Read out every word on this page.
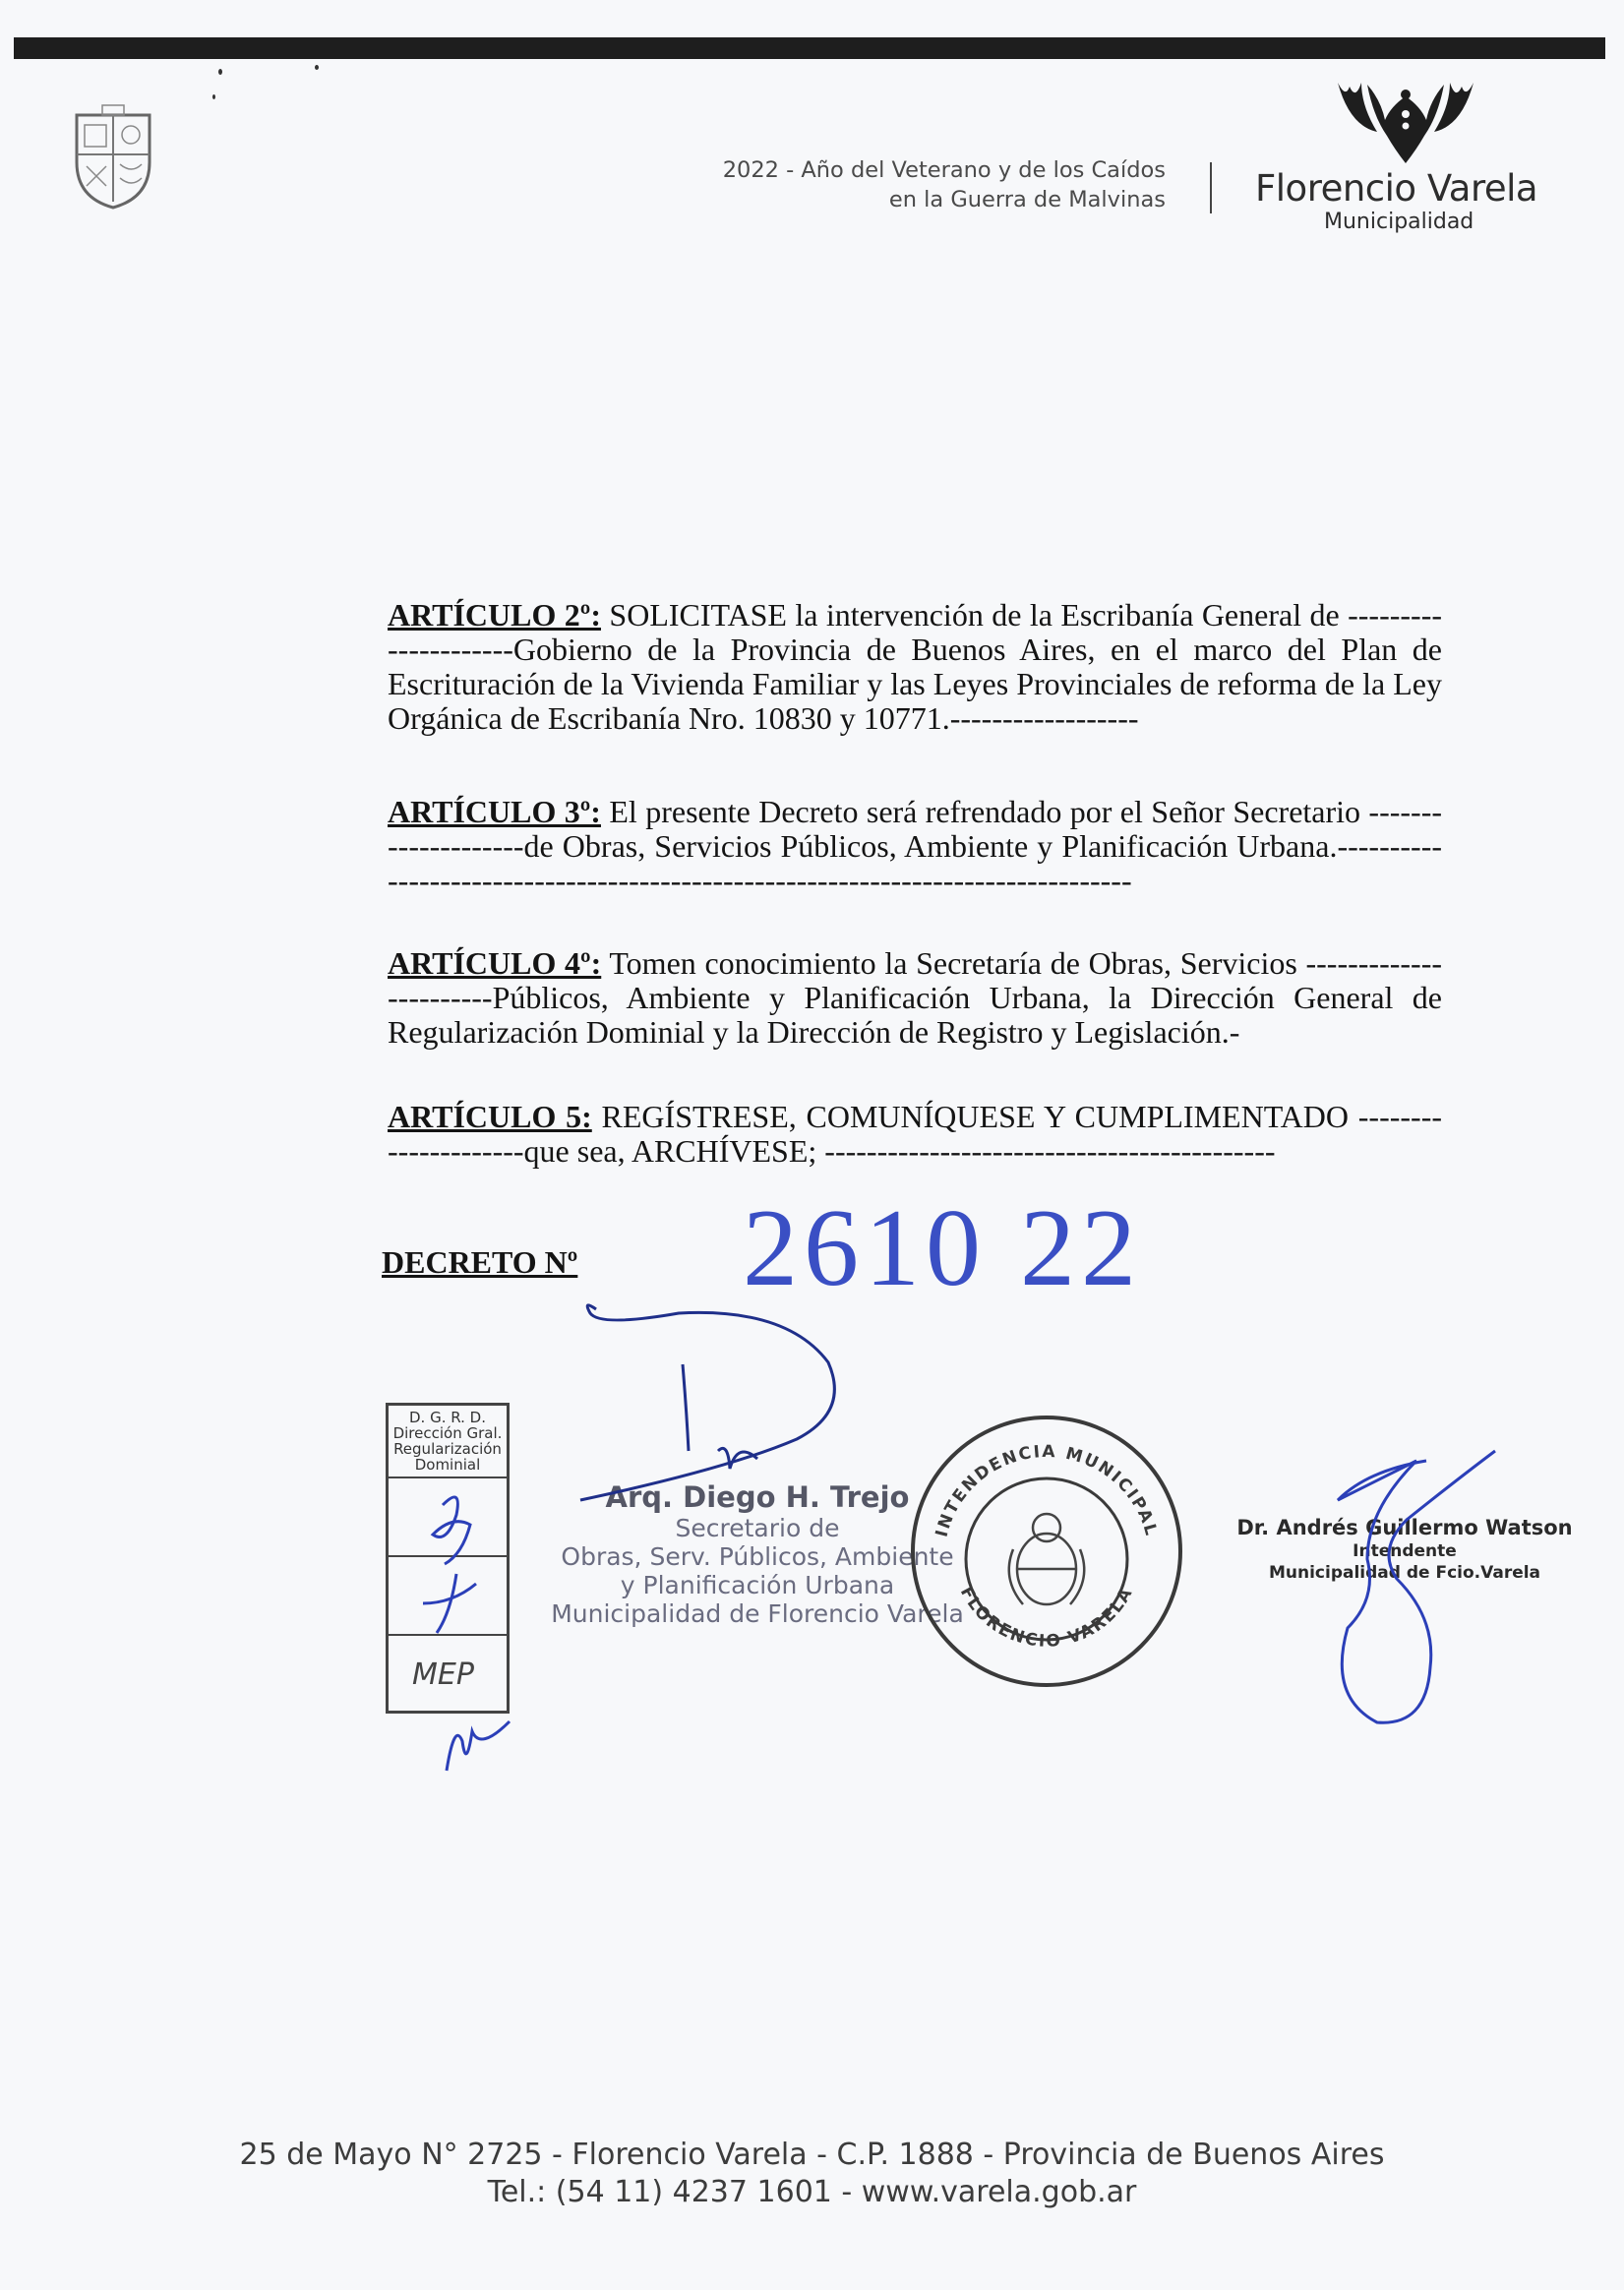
2022 - Año del Veterano y de los Caídos
en la Guerra de Malvinas Florencio Varela
Municipalidad
ARTÍCULO 2º: SOLICITASE la intervención de la Escribanía General de ---------------------Gobierno de la Provincia de Buenos Aires, en el marco del Plan de Escrituración de la Vivienda Familiar y las Leyes Provinciales de reforma de la Ley Orgánica de Escribanía Nro. 10830 y 10771.------------------
ARTÍCULO 3º: El presente Decreto será refrendado por el Señor Secretario --------------------de Obras, Servicios Públicos, Ambiente y Planificación Urbana.---------------------------------------------------------------------------------
ARTÍCULO 4º: Tomen conocimiento la Secretaría de Obras, Servicios -----------------------Públicos, Ambiente y Planificación Urbana, la Dirección General de Regularización Dominial y la Dirección de Registro y Legislación.-
ARTÍCULO 5: REGÍSTRESE, COMUNÍQUESE Y CUMPLIMENTADO ---------------------que sea, ARCHÍVESE; -------------------------------------------
DECRETO Nº 2610 22
D. G. R. D.
Dirección Gral.
Regularización
Dominial
MEP
Arq. Diego H. Trejo
Secretario de
Obras, Serv. Públicos, Ambiente
y Planificación Urbana
Municipalidad de Florencio Varela
INTENDENCIA MUNICIPAL
FLORENCIO VARELA
Dr. Andrés Guillermo Watson
Intendente
Municipalidad de Fcio.Varela
25 de Mayo N° 2725 - Florencio Varela - C.P. 1888 - Provincia de Buenos Aires
Tel.: (54 11) 4237 1601 - www.varela.gob.ar
